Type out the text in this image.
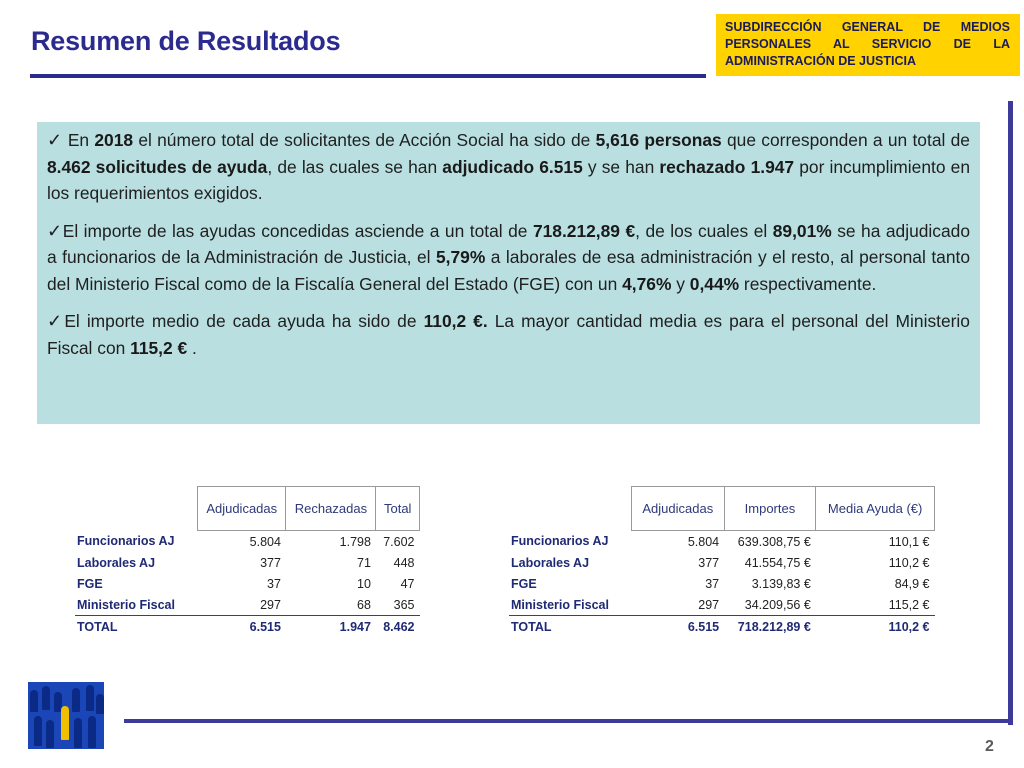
Resumen de Resultados	SUBDIRECCIÓN GENERAL DE MEDIOS PERSONALES AL SERVICIO DE LA ADMINISTRACIÓN DE JUSTICIA

✓ En 2018 el número total de solicitantes de Acción Social ha sido de 5,616 personas que corresponden a un total de 8.462 solicitudes de ayuda, de las cuales se han adjudicado 6.515 y se han rechazado 1.947 por incumplimiento en los requerimientos exigidos.

✓El importe de las ayudas concedidas asciende a un total de 718.212,89 €, de los cuales el 89,01% se ha adjudicado a funcionarios de la Administración de Justicia, el 5,79% a laborales de esa administración y el resto, al personal tanto del Ministerio Fiscal como de la Fiscalía General del Estado (FGE) con un 4,76% y 0,44% respectivamente.

✓El importe medio de cada ayuda ha sido de 110,2 €. La mayor cantidad media es para el personal del Ministerio Fiscal con 115,2 € .

	Adjudicadas	Rechazadas	Total
Funcionarios AJ	5.804	1.798	7.602
Laborales AJ	377	71	448
FGE	37	10	47
Ministerio Fiscal	297	68	365
TOTAL	6.515	1.947	8.462
	Adjudicadas	Importes	Media Ayuda (€)
Funcionarios AJ	5.804	639.308,75 €	110,1 €
Laborales AJ	377	41.554,75 €	110,2 €
FGE	37	3.139,83 €	84,9 €
Ministerio Fiscal	297	34.209,56 €	115,2 €
TOTAL	6.515	718.212,89 €	110,2 €
2
